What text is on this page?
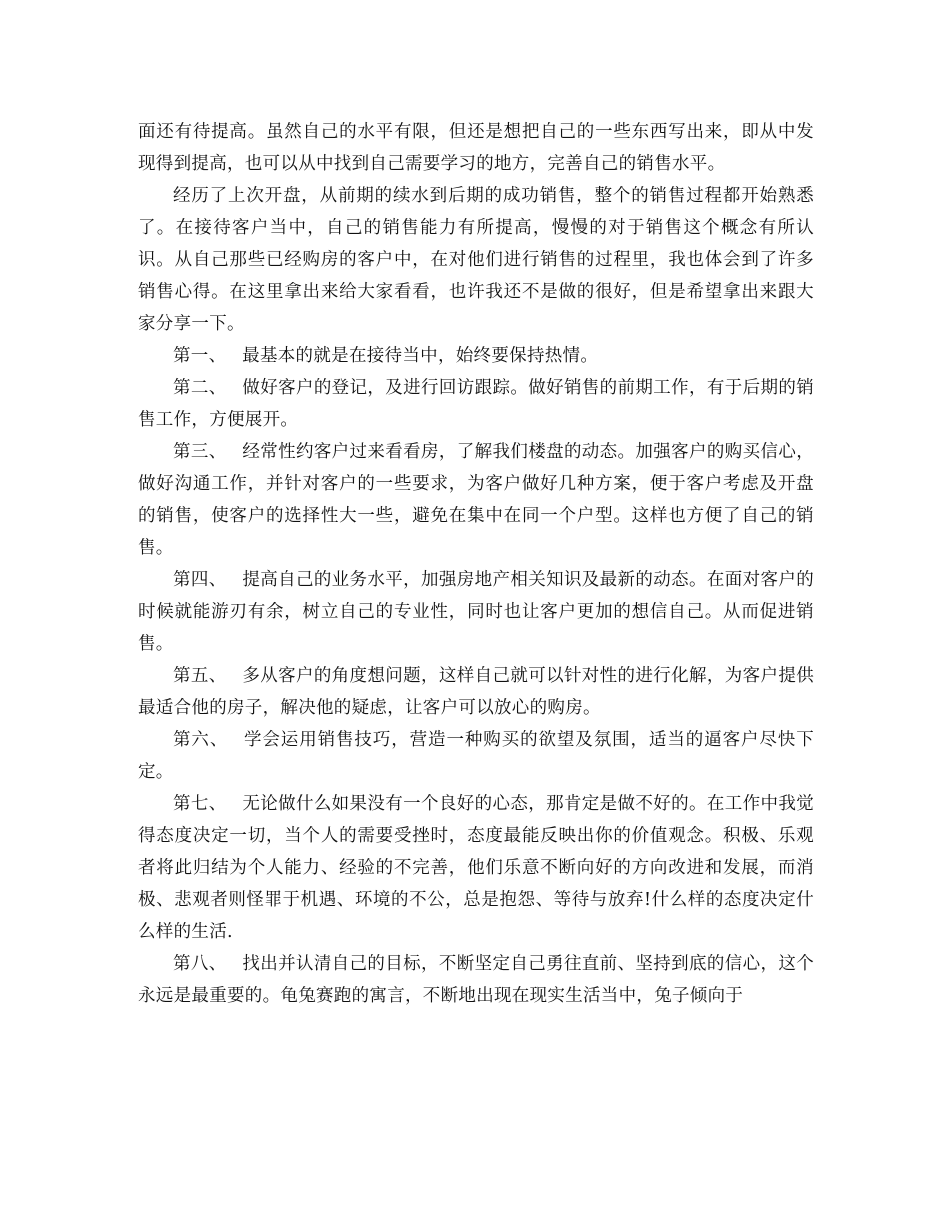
面还有待提高。虽然自己的水平有限，但还是想把自己的一些东西写出来，即从中发现得到提高，也可以从中找到自己需要学习的地方，完善自己的销售水平。

经历了上次开盘，从前期的续水到后期的成功销售，整个的销售过程都开始熟悉了。在接待客户当中，自己的销售能力有所提高，慢慢的对于销售这个概念有所认识。从自己那些已经购房的客户中，在对他们进行销售的过程里，我也体会到了许多销售心得。在这里拿出来给大家看看，也许我还不是做的很好，但是希望拿出来跟大家分享一下。

第一、 最基本的就是在接待当中，始终要保持热情。

第二、 做好客户的登记，及进行回访跟踪。做好销售的前期工作，有于后期的销售工作，方便展开。

第三、 经常性约客户过来看看房，了解我们楼盘的动态。加强客户的购买信心，做好沟通工作，并针对客户的一些要求，为客户做好几种方案，便于客户考虑及开盘的销售，使客户的选择性大一些，避免在集中在同一个户型。这样也方便了自己的销售。

第四、 提高自己的业务水平，加强房地产相关知识及最新的动态。在面对客户的时候就能游刃有余，树立自己的专业性，同时也让客户更加的想信自己。从而促进销售。

第五、 多从客户的角度想问题，这样自己就可以针对性的进行化解，为客户提供最适合他的房子，解决他的疑虑，让客户可以放心的购房。

第六、 学会运用销售技巧，营造一种购买的欲望及氛围，适当的逼客户尽快下定。

第七、 无论做什么如果没有一个良好的心态，那肯定是做不好的。在工作中我觉得态度决定一切，当个人的需要受挫时，态度最能反映出你的价值观念。积极、乐观者将此归结为个人能力、经验的不完善，他们乐意不断向好的方向改进和发展，而消极、悲观者则怪罪于机遇、环境的不公，总是抱怨、等待与放弃!什么样的态度决定什么样的生活.

第八、 找出并认清自己的目标，不断坚定自己勇往直前、坚持到底的信心，这个永远是最重要的。龟兔赛跑的寓言，不断地出现在现实生活当中，兔子倾向于
